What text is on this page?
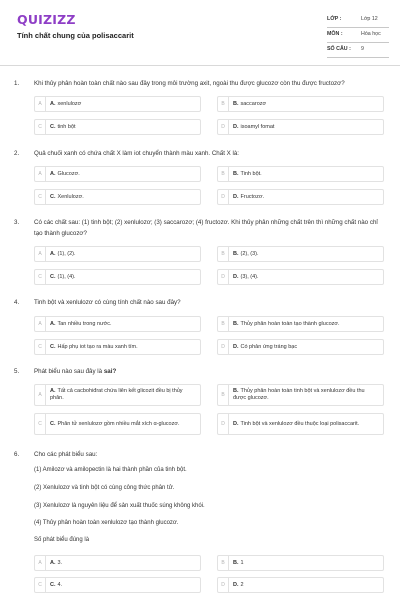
QUIZIZZ
Tính chất chung của polisaccarit
LỚP :	Lớp 12
MÔN :	Hóa học
SỐ CÂU : 9
1. Khi thủy phân hoàn toàn chất nào sau đây trong môi trường axit, ngoài thu được glucozơ còn thu được fructozơ?
A	A. xenlulozơ	B	B. saccarozơ
C	C. tinh bột	D	D. isoamyl fomat
2. Quả chuối xanh có chứa chất X làm iot chuyển thành màu xanh. Chất X là:
A	A. Glucozơ.	B	B. Tinh bột.
C	C. Xenlulozơ.	D	D. Fructozơ.
3. Có các chất sau: (1) tinh bột; (2) xenlulozơ; (3) saccarozơ; (4) fructozơ. Khi thủy phân những chất trên thì những chất nào chỉ tạo thành glucozơ?
A	A. (1), (2).	B	B. (2), (3).
C	C. (1), (4).	D	D. (3), (4).
4. Tinh bột và xenlulozơ có cùng tính chất nào sau đây?
A	A. Tan nhiều trong nước.	B	B. Thủy phân hoàn toàn tạo thành glucozơ.
C	C. Hấp phụ iot tạo ra màu xanh tím.	D	D. Có phản ứng tráng bạc
5. Phát biểu nào sau đây là sai?
A
A. Tất cả cacbohiđrat chứa liên kết glicozit đều bị thủy phân.	B
B. Thủy phân hoàn toàn tinh bột và xenlulozơ đều thu được glucozơ.
C	C. Phân tử xenlulozơ gồm nhiều mắt xích α-glucozơ.	D	D. Tinh bột và xenlulozơ đều thuộc loại polisaccarit.
6. Cho các phát biểu sau:
(1) Amilozơ và amilopectin là hai thành phần của tinh bột.
(2) Xenlulozơ và tinh bột có cùng công thức phân tử.
(3) Xenlulozơ là nguyên liệu để sản xuất thuốc súng không khói.
(4) Thủy phân hoàn toàn xenlulozơ tạo thành glucozơ.
Số phát biểu đúng là
A	A. 3.	B	B. 1
C	C. 4.	D	D. 2
